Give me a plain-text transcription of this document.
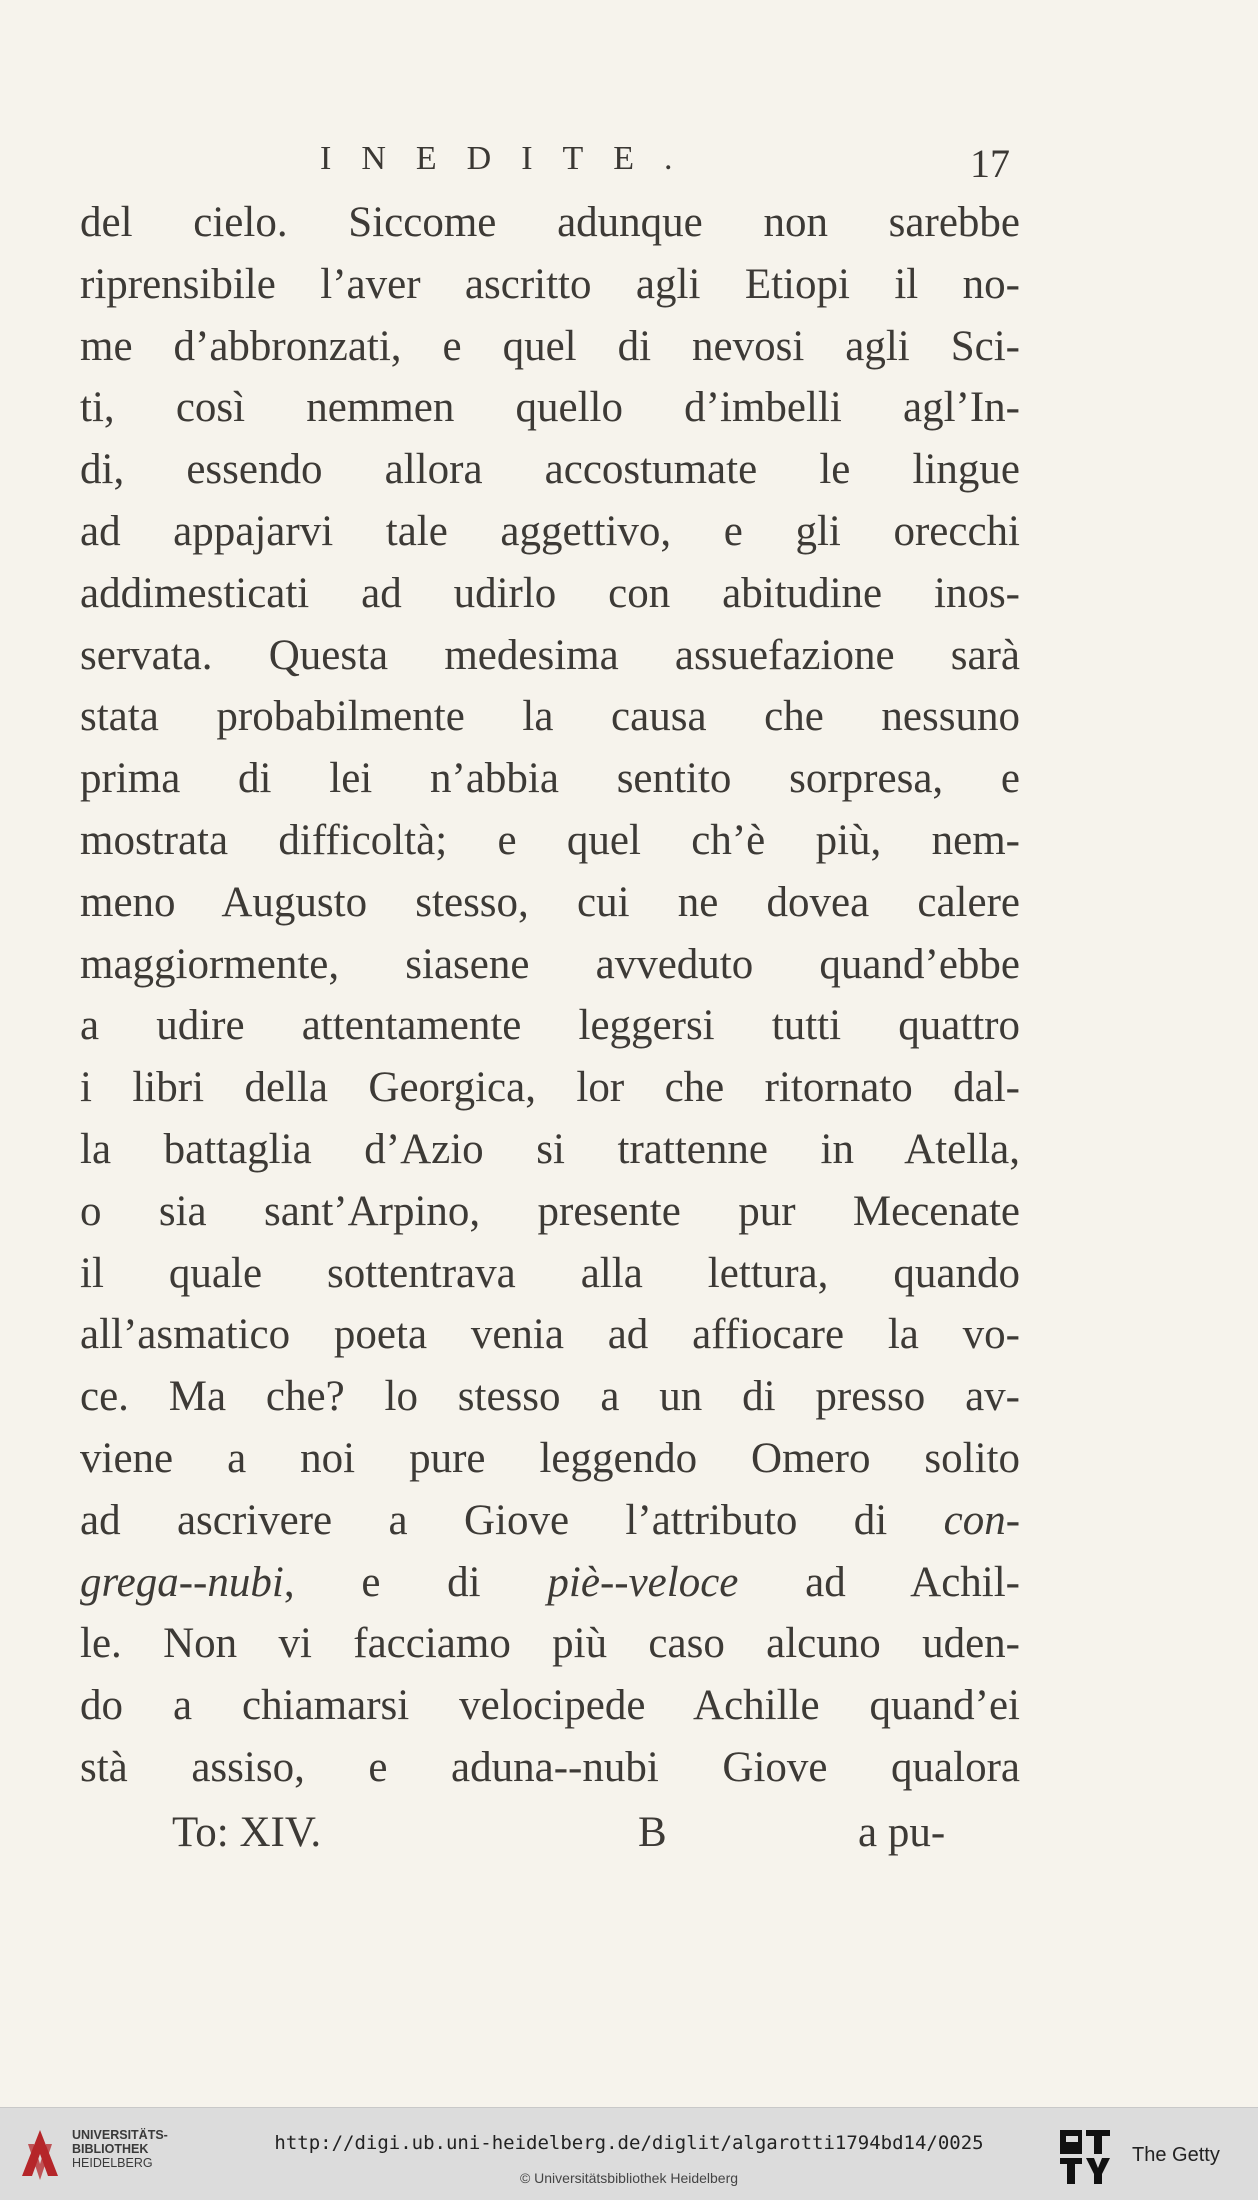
INEDITE.	17
del cielo. Siccome adunque non sarebbe
riprensibile l’aver ascritto agli Etiopi il no-
me d’abbronzati, e quel di nevosi agli Sci-
ti, così nemmen quello d’imbelli agl’In-
di, essendo allora accostumate le lingue
ad appajarvi tale aggettivo, e gli orecchi
addimesticati ad udirlo con abitudine inos-
servata. Questa medesima assuefazione sarà
stata probabilmente la causa che nessuno
prima di lei n’abbia sentito sorpresa, e
mostrata difficoltà; e quel ch’è più, nem-
meno Augusto stesso, cui ne dovea calere
maggiormente, siasene avveduto quand’ebbe
a udire attentamente leggersi tutti quattro
i libri della Georgica, lor che ritornato dal-
la battaglia d’Azio si trattenne in Atella,
o sia sant’Arpino, presente pur Mecenate
il quale sottentrava alla lettura, quando
all’asmatico poeta venia ad affiocare la vo-
ce. Ma che? lo stesso a un di presso av-
viene a noi pure leggendo Omero solito
ad ascrivere a Giove l’attributo di con-
grega--nubi, e di piè--veloce ad Achil-
le. Non vi facciamo più caso alcuno uden-
do a chiamarsi velocipede Achille quand’ei
stà assiso, e aduna--nubi Giove qualora
To: XIV.	B	a pu-
UNIVERSITÄTS-
BIBLIOTHEK
HEIDELBERG
http://digi.ub.uni-heidelberg.de/diglit/algarotti1794bd14/0025
© Universitätsbibliothek Heidelberg
The Getty
